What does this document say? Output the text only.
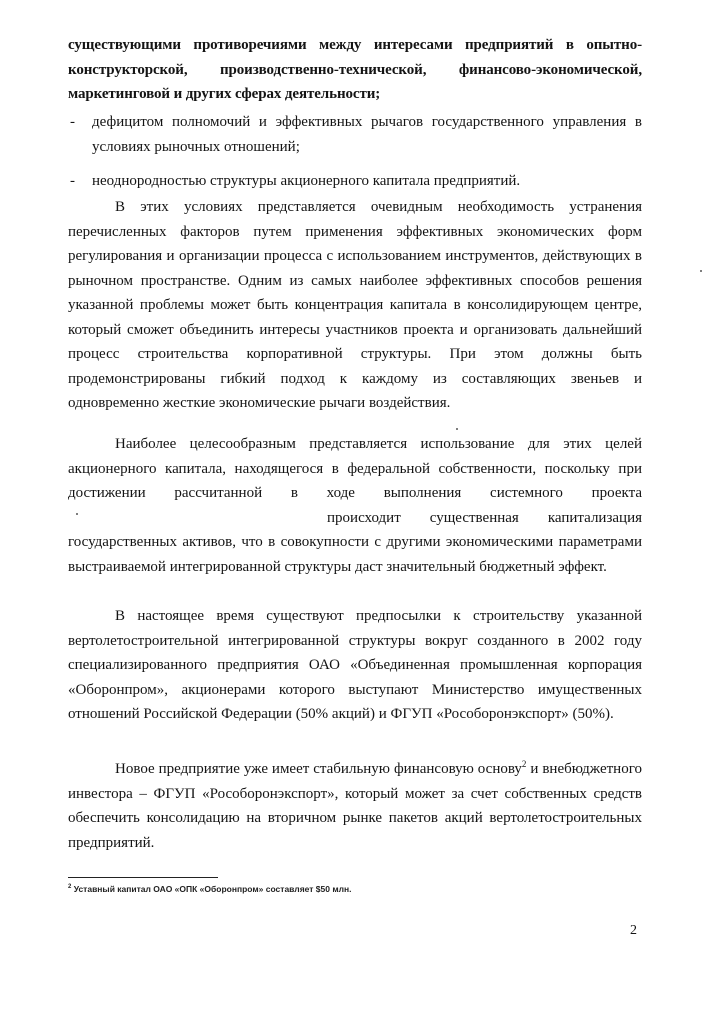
существующими противоречиями между интересами предприятий в опытно-конструкторской, производственно-технической, финансово-экономической, маркетинговой и других сферах деятельности;
- дефицитом полномочий и эффективных рычагов государственного управления в условиях рыночных отношений;
- неоднородностью структуры акционерного капитала предприятий.
В этих условиях представляется очевидным необходимость устранения перечисленных факторов путем применения эффективных экономических форм регулирования и организации процесса с использованием инструментов, действующих в рыночном пространстве. Одним из самых наиболее эффективных способов решения указанной проблемы может быть концентрация капитала в консолидирующем центре, который сможет объединить интересы участников проекта и организовать дальнейший процесс строительства корпоративной структуры. При этом должны быть продемонстрированы гибкий подход к каждому из составляющих звеньев и одновременно жесткие экономические рычаги воздействия.
Наиболее целесообразным представляется использование для этих целей акционерного капитала, находящегося в федеральной собственности, поскольку при достижении рассчитанной в ходе выполнения системного проекта  происходит существенная капитализация государственных активов, что в совокупности с другими экономическими параметрами выстраиваемой интегрированной структуры даст значительный бюджетный эффект.
В настоящее время существуют предпосылки к строительству указанной вертолетостроительной интегрированной структуры вокруг созданного в 2002 году специализированного предприятия ОАО «Объединенная промышленная корпорация «Оборонпром», акционерами которого выступают Министерство имущественных отношений Российской Федерации (50% акций) и ФГУП «Рособоронэкспорт» (50%).
Новое предприятие уже имеет стабильную финансовую основу$^2$ и внебюджетного инвестора – ФГУП «Рособоронэкспорт», который может за счет собственных средств обеспечить консолидацию на вторичном рынке пакетов акций вертолетостроительных предприятий.
$^2$ Уставный капитал ОАО «ОПК «Оборонпром» составляет $50 млн.
2
